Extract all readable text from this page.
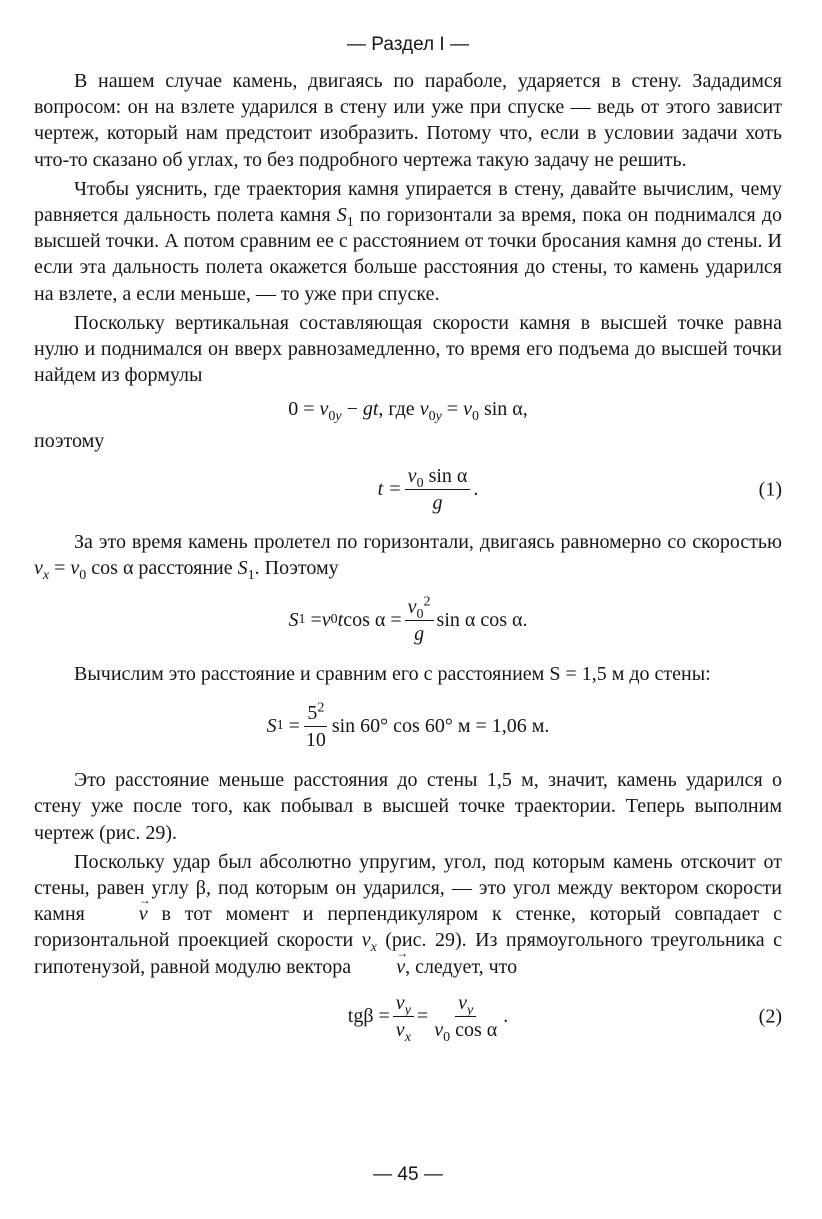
— Раздел I —

В нашем случае камень, двигаясь по параболе, ударяется в стену. Зададимся вопросом: он на взлете ударился в стену или уже при спуске — ведь от этого зависит чертеж, который нам предстоит изобразить. Потому что, если в условии задачи хоть что-то сказано об углах, то без подробного чертежа такую задачу не решить.

Чтобы уяснить, где траектория камня упирается в стену, давайте вычислим, чему равняется дальность полета камня $S_1$ по горизонтали за время, пока он поднимался до высшей точки. А потом сравним ее с расстоянием от точки бросания камня до стены. И если эта дальность полета окажется больше расстояния до стены, то камень ударился на взлете, а если меньше, — то уже при спуске.

Поскольку вертикальная составляющая скорости камня в высшей точке равна нулю и поднимался он вверх равнозамедленно, то время его подъема до высшей точки найдем из формулы

$0 = v_{0y}$ − gt, где $v_{0y} = v_0$ sin α,

поэтому

$t = \frac{v_0 \sin \alpha}{g}$ .	(1)

За это время камень пролетел по горизонтали, двигаясь равномерно со скоростью $v_x = v_0$ cos α расстояние $S_1$. Поэтому

S 1 = v 0 t $\cos \alpha = \frac{v_0^2}{g}$ sin α cos α.

Вычислим это расстояние и сравним его с расстоянием S = 1,5 м до стены:

S $1 = \frac{5^2}{10}$ sin 60° cos 60° м = 1,06 м.

Это расстояние меньше расстояния до стены 1,5 м, значит, камень ударился о стену уже после того, как побывал в высшей точке траектории. Теперь выполним чертеж (рис. 29).

Поскольку удар был абсолютно упругим, угол, под которым камень отскочит от стены, равен углу β, под которым он ударился, — это угол между вектором скорости камня → v в тот момент и перпендикуляром к стенке, который совпадает с горизонтальной проекцией скорости $v_x$ (рис. 29). Из прямоугольного треугольника с гипотенузой, равной модулю вектора → v, следует, что

$tg\beta = \frac{v_y}{v_x} = \frac{v_y}{v_0 \cos \alpha}$ .	(2)
— 45 —
